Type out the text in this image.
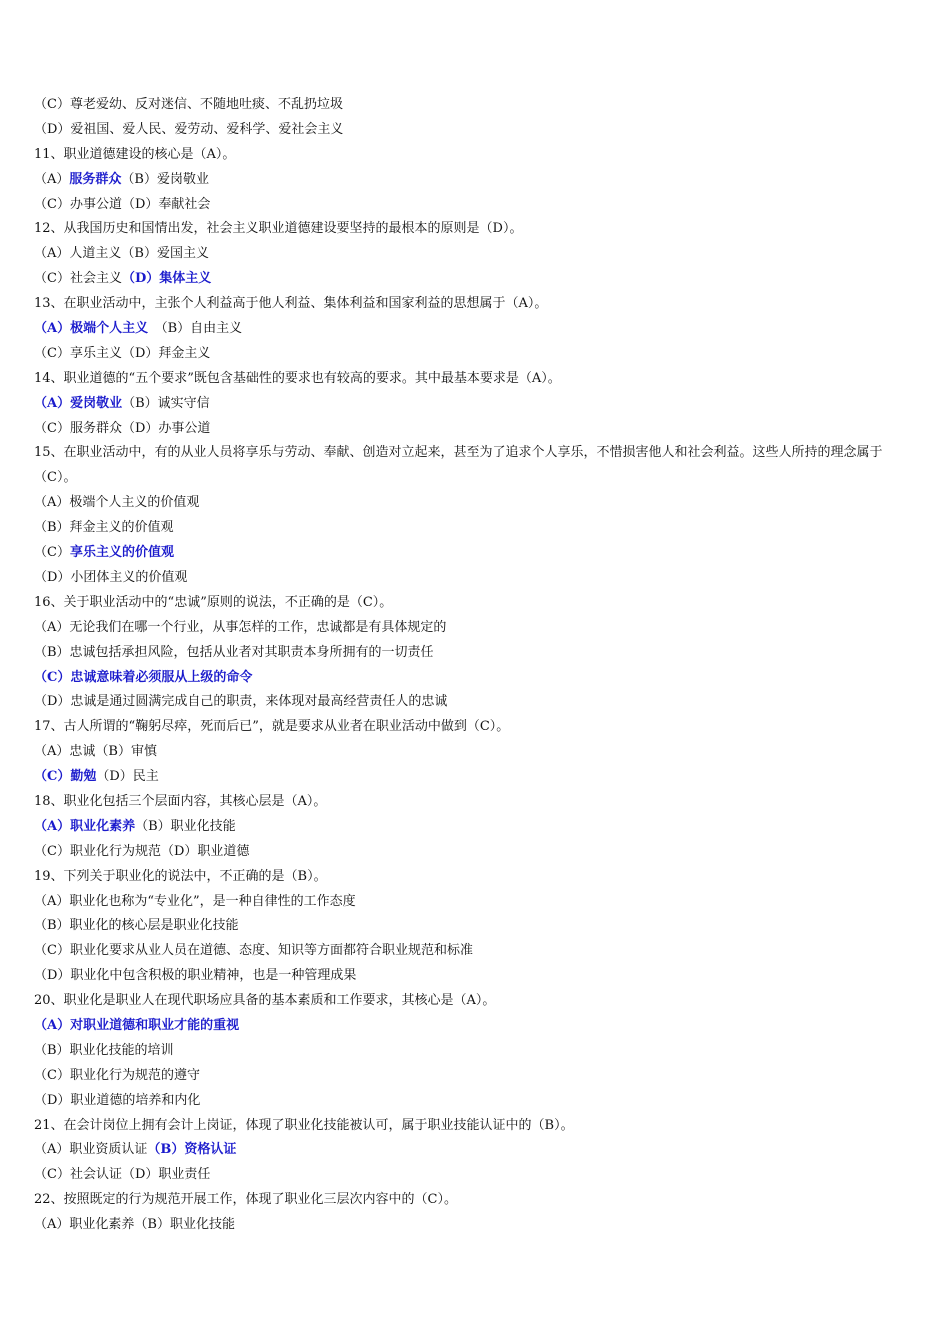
（C）尊老爱幼、反对迷信、不随地吐痰、不乱扔垃圾
（D）爱祖国、爱人民、爱劳动、爱科学、爱社会主义
11、职业道德建设的核心是（A）。
（A）服务群众（B）爱岗敬业
（C）办事公道（D）奉献社会
12、从我国历史和国情出发，社会主义职业道德建设要坚持的最根本的原则是（D）。
（A）人道主义（B）爱国主义
（C）社会主义（D）集体主义
13、在职业活动中，主张个人利益高于他人利益、集体利益和国家利益的思想属于（A）。
（A）极端个人主义　（B）自由主义
（C）享乐主义（D）拜金主义
14、职业道德的“五个要求”既包含基础性的要求也有较高的要求。其中最基本要求是（A）。
（A）爱岗敬业（B）诚实守信
（C）服务群众（D）办事公道
15、在职业活动中，有的从业人员将享乐与劳动、奉献、创造对立起来，甚至为了追求个人享乐，不惜损害他人和社会利益。这些人所持的理念属于（C）。
（A）极端个人主义的价值观
（B）拜金主义的价值观
（C）享乐主义的价值观
（D）小团体主义的价值观
16、关于职业活动中的“忠诚”原则的说法，不正确的是（C）。
（A）无论我们在哪一个行业，从事怎样的工作，忠诚都是有具体规定的
（B）忠诚包括承担风险，包括从业者对其职责本身所拥有的一切责任
（C）忠诚意味着必须服从上级的命令
（D）忠诚是通过圆满完成自己的职责，来体现对最高经营责任人的忠诚
17、古人所谓的“鞠躬尽瘁，死而后已”，就是要求从业者在职业活动中做到（C）。
（A）忠诚（B）审慎
（C）勤勉（D）民主
18、职业化包括三个层面内容，其核心层是（A）。
（A）职业化素养（B）职业化技能
（C）职业化行为规范（D）职业道德
19、下列关于职业化的说法中，不正确的是（B）。
（A）职业化也称为“专业化”，是一种自律性的工作态度
（B）职业化的核心层是职业化技能
（C）职业化要求从业人员在道德、态度、知识等方面都符合职业规范和标准
（D）职业化中包含积极的职业精神，也是一种管理成果
20、职业化是职业人在现代职场应具备的基本素质和工作要求，其核心是（A）。
（A）对职业道德和职业才能的重视
（B）职业化技能的培训
（C）职业化行为规范的遵守
（D）职业道德的培养和内化
21、在会计岗位上拥有会计上岗证，体现了职业化技能被认可，属于职业技能认证中的（B）。
（A）职业资质认证（B）资格认证
（C）社会认证（D）职业责任
22、按照既定的行为规范开展工作，体现了职业化三层次内容中的（C）。
（A）职业化素养（B）职业化技能
